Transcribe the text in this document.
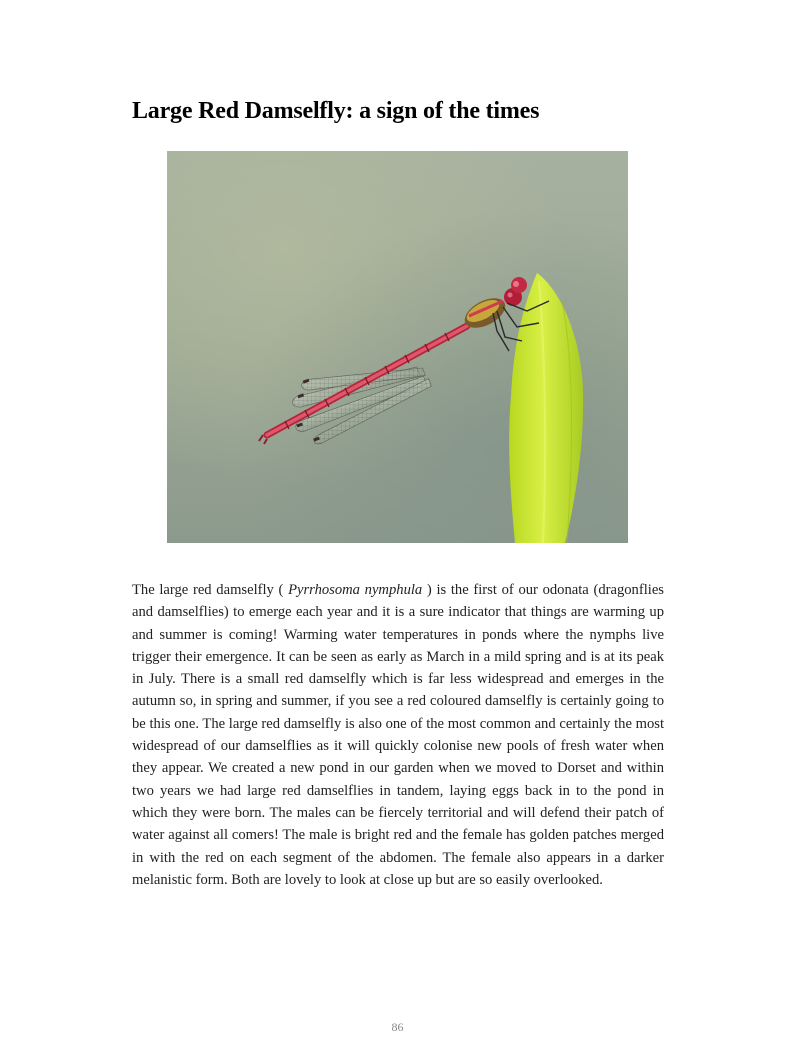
Large Red Damselfly: a sign of the times

The large red damselfly ( Pyrrhosoma nymphula ) is the first of our odonata (dragonflies and damselflies) to emerge each year and it is a sure indicator that things are warming up and summer is coming! Warming water temperatures in ponds where the nymphs live trigger their emergence. It can be seen as early as March in a mild spring and is at its peak in July. There is a small red damselfly which is far less widespread and emerges in the autumn so, in spring and summer, if you see a red coloured damselfly is certainly going to be this one. The large red damselfly is also one of the most common and certainly the most widespread of our damselflies as it will quickly colonise new pools of fresh water when they appear. We created a new pond in our garden when we moved to Dorset and within two years we had large red damselflies in tandem, laying eggs back in to the pond in which they were born. The males can be fiercely territorial and will defend their patch of water against all comers! The male is bright red and the female has golden patches merged in with the red on each segment of the abdomen. The female also appears in a darker melanistic form. Both are lovely to look at close up but are so easily overlooked.

86
